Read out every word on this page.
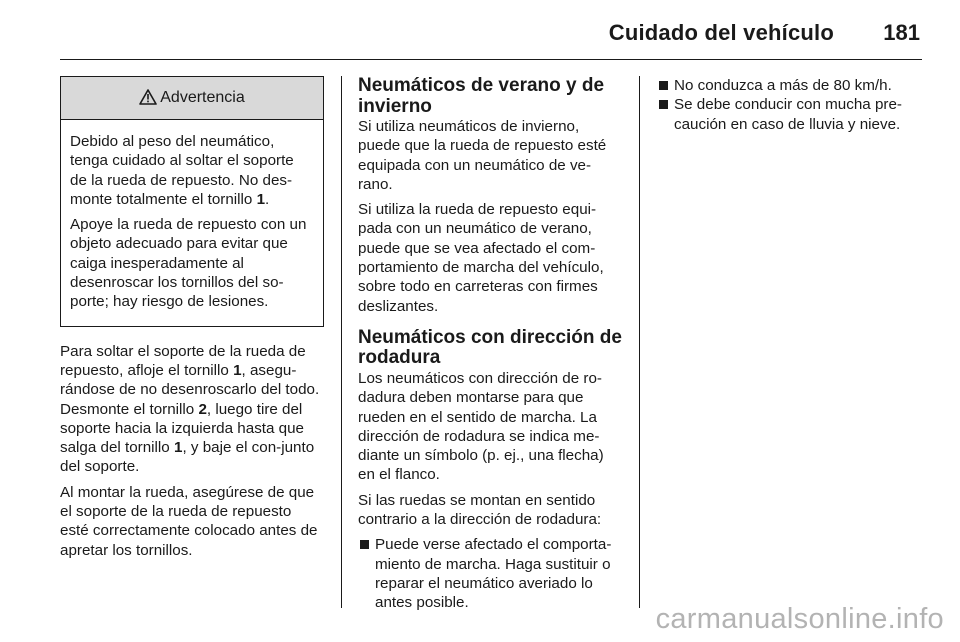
Cuidado del vehículo 181
Advertencia

Debido al peso del neumático, tenga cuidado al soltar el soporte de la rueda de repuesto. No des-monte totalmente el tornillo 1.

Apoye la rueda de repuesto con un objeto adecuado para evitar que caiga inesperadamente al desenroscar los tornillos del so-porte; hay riesgo de lesiones.

Para soltar el soporte de la rueda de repuesto, afloje el tornillo 1, asegu-rándose de no desenroscarlo del todo. Desmonte el tornillo 2, luego tire del soporte hacia la izquierda hasta que salga del tornillo 1, y baje el con-junto del soporte.

Al montar la rueda, asegúrese de que el soporte de la rueda de repuesto esté correctamente colocado antes de apretar los tornillos.

Neumáticos de verano y de invierno

Si utiliza neumáticos de invierno, puede que la rueda de repuesto esté equipada con un neumático de ve-rano.

Si utiliza la rueda de repuesto equi-pada con un neumático de verano, puede que se vea afectado el com-portamiento de marcha del vehículo, sobre todo en carreteras con firmes deslizantes.

Neumáticos con dirección de rodadura

Los neumáticos con dirección de ro-dadura deben montarse para que rueden en el sentido de marcha. La dirección de rodadura se indica me-diante un símbolo (p. ej., una flecha) en el flanco.

Si las ruedas se montan en sentido contrario a la dirección de rodadura:

Puede verse afectado el comporta-miento de marcha. Haga sustituir o reparar el neumático averiado lo antes posible.
No conduzca a más de 80 km/h.
Se debe conducir con mucha pre-caución en caso de lluvia y nieve.
carmanualsonline.info
